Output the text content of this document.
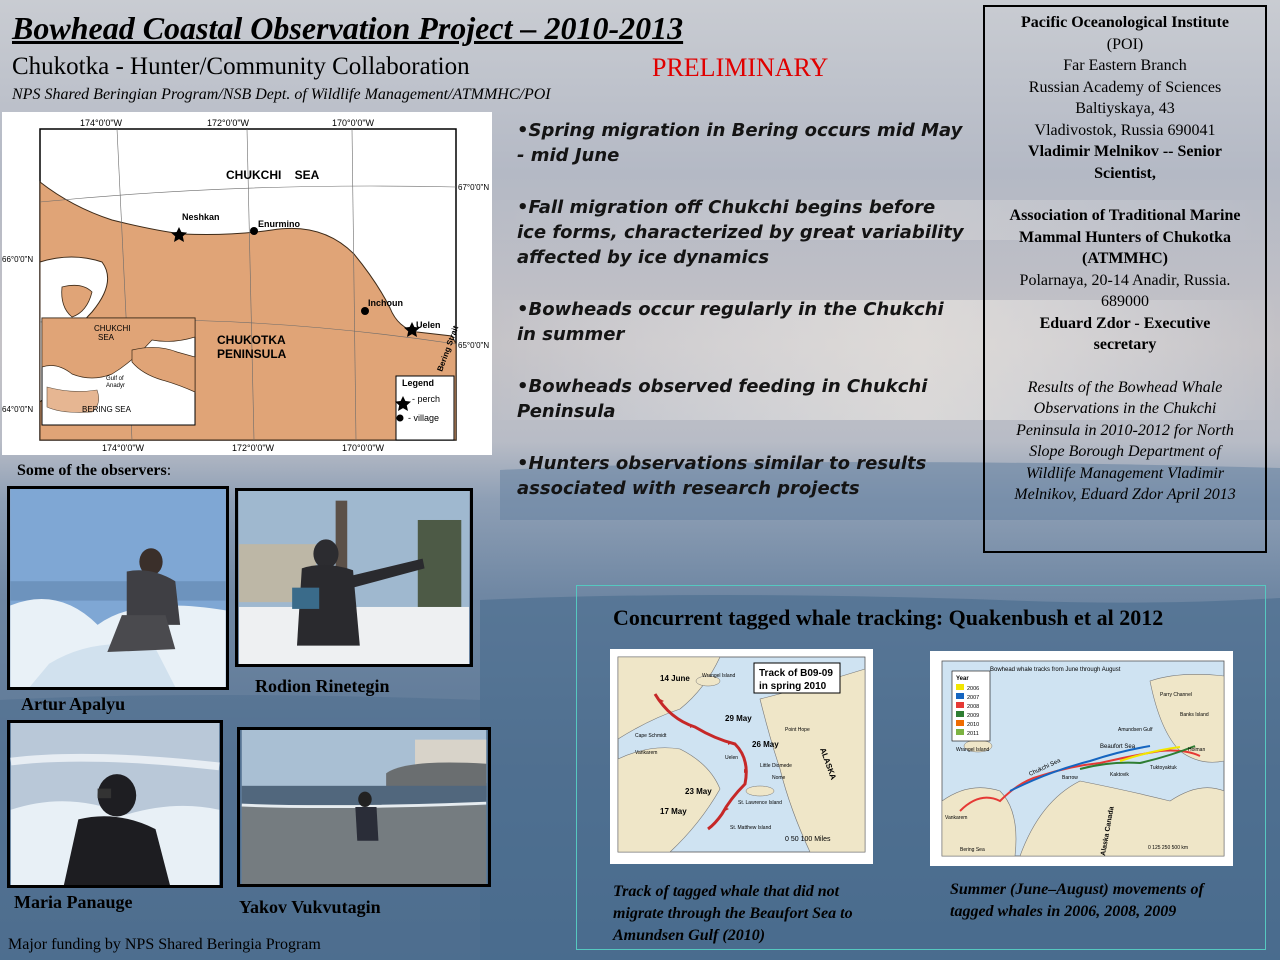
Bowhead Coastal Observation Project – 2010-2013
Chukotka - Hunter/Community Collaboration	PRELIMINARY
NPS Shared Beringian Program/NSB Dept. of Wildlife Management/ATMMHC/POI
174°0'0"W	172°0'0"W	170°0'0"W
174°0'0"W	172°0'0"W	170°0'0"W
67°0'0"N
66°0'0"N
65°0'0"N
64°0'0"N
CHUKCHI    SEA
CHUKOTKA
PENINSULA
Neshkan
Enurmino
Inchoun
Uelen
Bering Strait
CHUKCHI
SEA
Gulf of
Anadyr
BERING SEA
Legend
- perch
- village
•Spring migration in Bering occurs mid May - mid June
•Fall migration off Chukchi begins before ice forms, characterized by great variability affected by ice dynamics
•Bowheads occur regularly in the Chukchi in summer
•Bowheads observed feeding in Chukchi Peninsula
•Hunters observations similar to results associated with research projects
Pacific Oceanological Institute
(POI)
Far Eastern Branch
Russian Academy of Sciences
Baltiyskaya, 43
Vladivostok, Russia 690041
Vladimir Melnikov -- Senior Scientist,
Association of Traditional Marine Mammal Hunters of Chukotka (ATMMHC)
Polarnaya, 20-14 Anadir, Russia. 689000
Eduard Zdor - Executive secretary
Results of the Bowhead Whale Observations in the Chukchi Peninsula in 2010-2012 for North Slope Borough Department of Wildlife Management Vladimir Melnikov, Eduard Zdor April 2013
Some of the observers:
Artur Apalyu
Rodion Rinetegin
Maria Panauge	Yakov Vukvutagin
Concurrent tagged whale tracking: Quakenbush et al 2012
Track of B09-09
in spring 2010
14 June
29 May
26 May
23 May
17 May
Wrangel Island
Cape Schmidt
Vankarem
Uelen
Point Hope
Little Diomede
Nome
St. Lawrence Island
St. Matthew Island
ALASKA
0 50 100 Miles
Track of tagged whale that did not migrate through the Beaufort Sea to Amundsen Gulf (2010)
Bowhead whale tracks from June through August
Year
2006
2007
2008
2009
2010
2011
Wrangel Island
Chukchi Sea
Vankarem
Barrow
Beaufort Sea
Kaktovik
Tuktoyaktuk
Amundsen Gulf
Banks Island
Holman
Parry Channel
Bering Sea	Alaska Canada	0 125 250 500 km
Summer (June–August) movements of tagged whales in 2006, 2008, 2009
Major funding by NPS Shared Beringia Program
